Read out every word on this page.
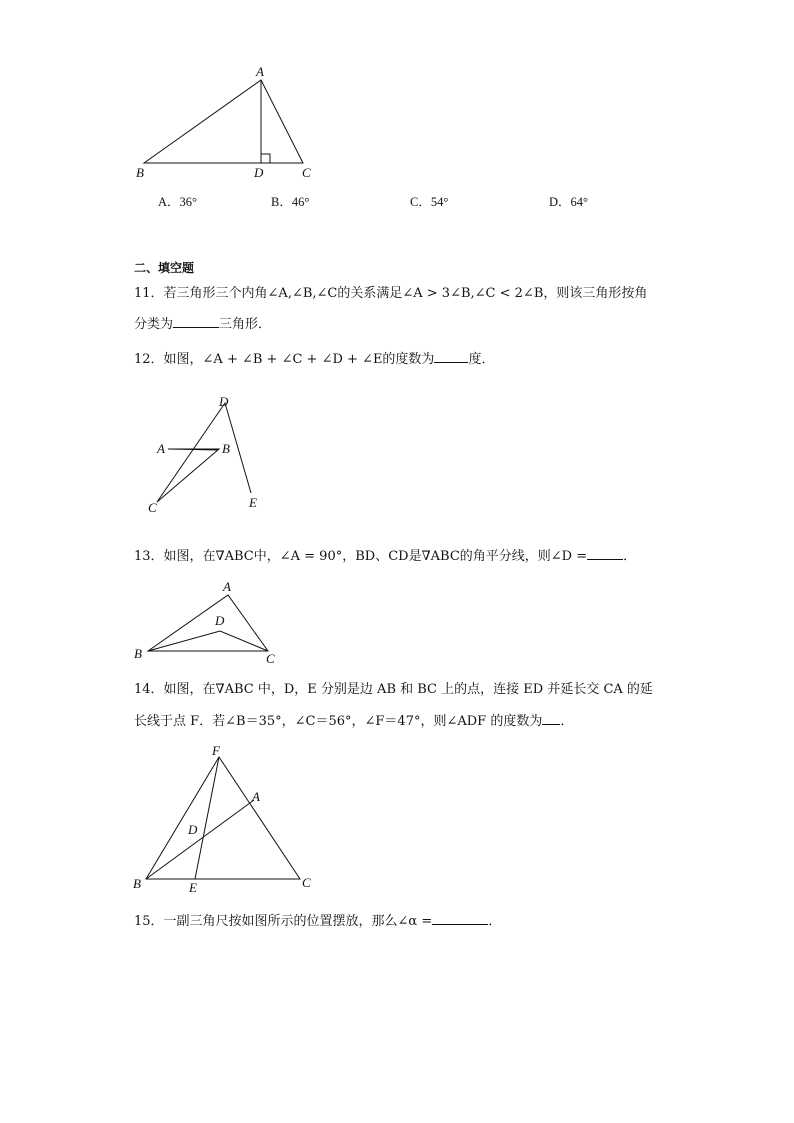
A
B	D	C
A．36°	B．46°	C．54°	D．64°
二、填空题
11．若三角形三个内角∠A,∠B,∠C的关系满足∠A > 3∠B,∠C < 2∠B，则该三角形按角
分类为	三角形．
12．如图，∠A + ∠B + ∠C + ∠D + ∠E的度数为	度．
D
A	B
C	E
13．如图，在∇ABC中，∠A = 90°，BD、CD是∇ABC的角平分线，则∠D =	．
A
D
B	C
14．如图，在∇ABC 中，D，E 分别是边 AB 和 BC 上的点，连接 ED 并延长交 CA 的延
长线于点 F．若∠B＝35°，∠C＝56°，∠F＝47°，则∠ADF 的度数为 ．
F
A
D
B	E	C
15．一副三角尺按如图所示的位置摆放，那么∠α =	．
